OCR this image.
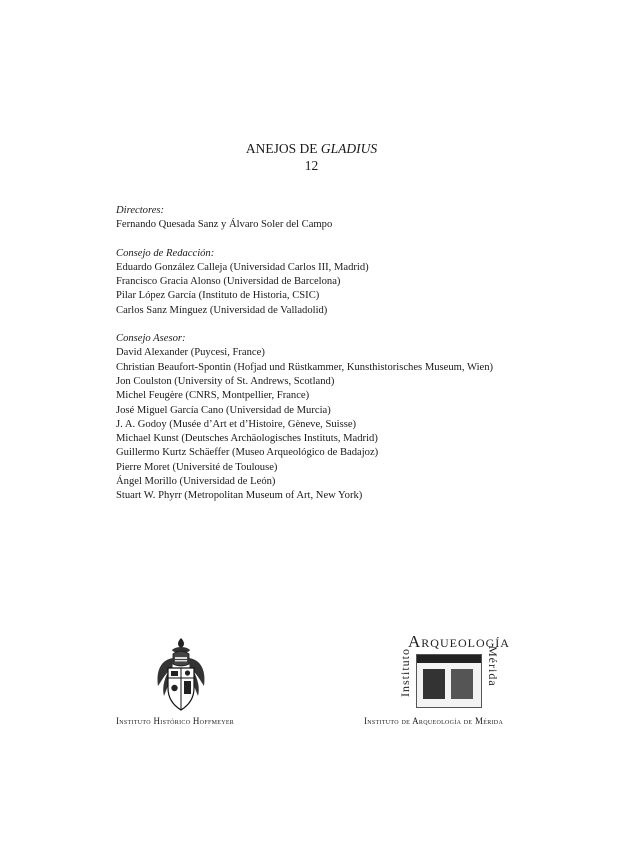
ANEJOS DE GLADIUS
12
Directores:
Fernando Quesada Sanz y Álvaro Soler del Campo
Consejo de Redacción:
Eduardo González Calleja (Universidad Carlos III, Madrid)
Francisco Gracia Alonso (Universidad de Barcelona)
Pilar López García (Instituto de Historia, CSIC)
Carlos Sanz Mínguez (Universidad de Valladolid)
Consejo Asesor:
David Alexander (Puycesi, France)
Christian Beaufort-Spontin (Hofjad und Rüstkammer, Kunsthistorisches Museum, Wien)
Jon Coulston (University of St. Andrews, Scotland)
Michel Feugère (CNRS, Montpellier, France)
José Miguel García Cano (Universidad de Murcia)
J. A. Godoy (Musée d’Art et d’Histoire, Gèneve, Suisse)
Michael Kunst (Deutsches Archäologisches Instituts, Madrid)
Guillermo Kurtz Schäeffer (Museo Arqueológico de Badajoz)
Pierre Moret (Université de Toulouse)
Ángel Morillo (Universidad de León)
Stuart W. Phyrr (Metropolitan Museum of Art, New York)
Arqueología
Instituto	Mérida
Instituto Histórico Hoffmeyer	Instituto de Arqueología de Mérida
